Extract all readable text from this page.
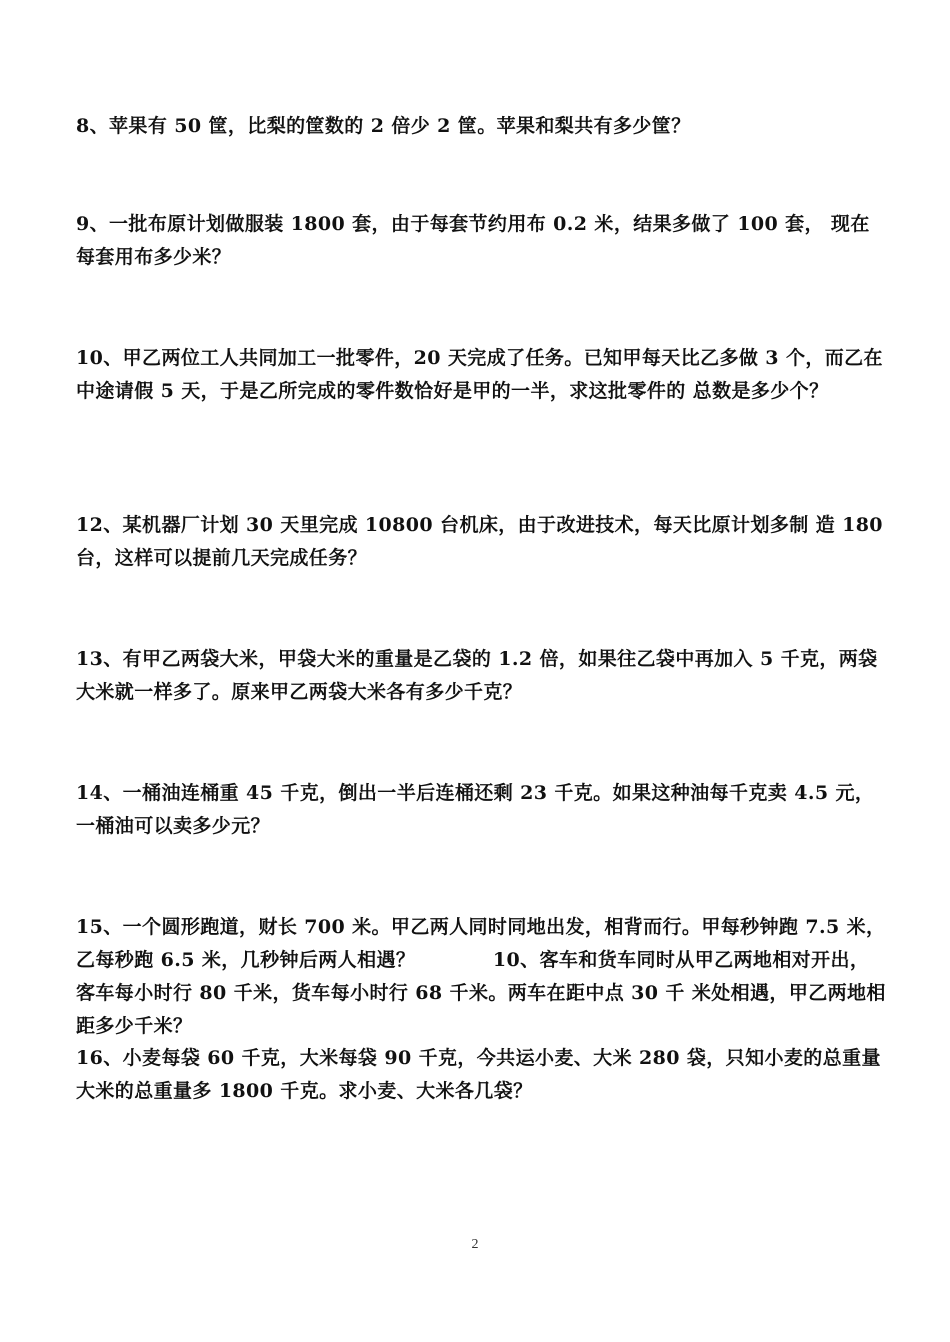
8、苹果有 50 筐，比梨的筐数的 2 倍少 2 筐。苹果和梨共有多少筐？

9、一批布原计划做服装 1800 套，由于每套节约用布 0.2 米，结果多做了 100 套， 现在每套用布多少米？

10、甲乙两位工人共同加工一批零件，20 天完成了任务。已知甲每天比乙多做 3 个，而乙在中途请假 5 天，于是乙所完成的零件数恰好是甲的一半，求这批零件的 总数是多少个？

12、某机器厂计划 30 天里完成 10800 台机床，由于改进技术，每天比原计划多制 造 180 台，这样可以提前几天完成任务？

13、有甲乙两袋大米，甲袋大米的重量是乙袋的 1.2 倍，如果往乙袋中再加入 5 千克，两袋大米就一样多了。原来甲乙两袋大米各有多少千克？

14、一桶油连桶重 45 千克，倒出一半后连桶还剩 23 千克。如果这种油每千克卖 4.5 元，一桶油可以卖多少元？

15、一个圆形跑道，财长 700 米。甲乙两人同时同地出发，相背而行。甲每秒钟跑 7.5 米，乙每秒跑 6.5 米，几秒钟后两人相遇？　　　　10、客车和货车同时从甲乙两地相对开出，客车每小时行 80 千米，货车每小时行 68 千米。两车在距中点 30 千 米处相遇，甲乙两地相距多少千米？

16、小麦每袋 60 千克，大米每袋 90 千克，今共运小麦、大米 280 袋，只知小麦的总重量大米的总重量多 1800 千克。求小麦、大米各几袋？

2
